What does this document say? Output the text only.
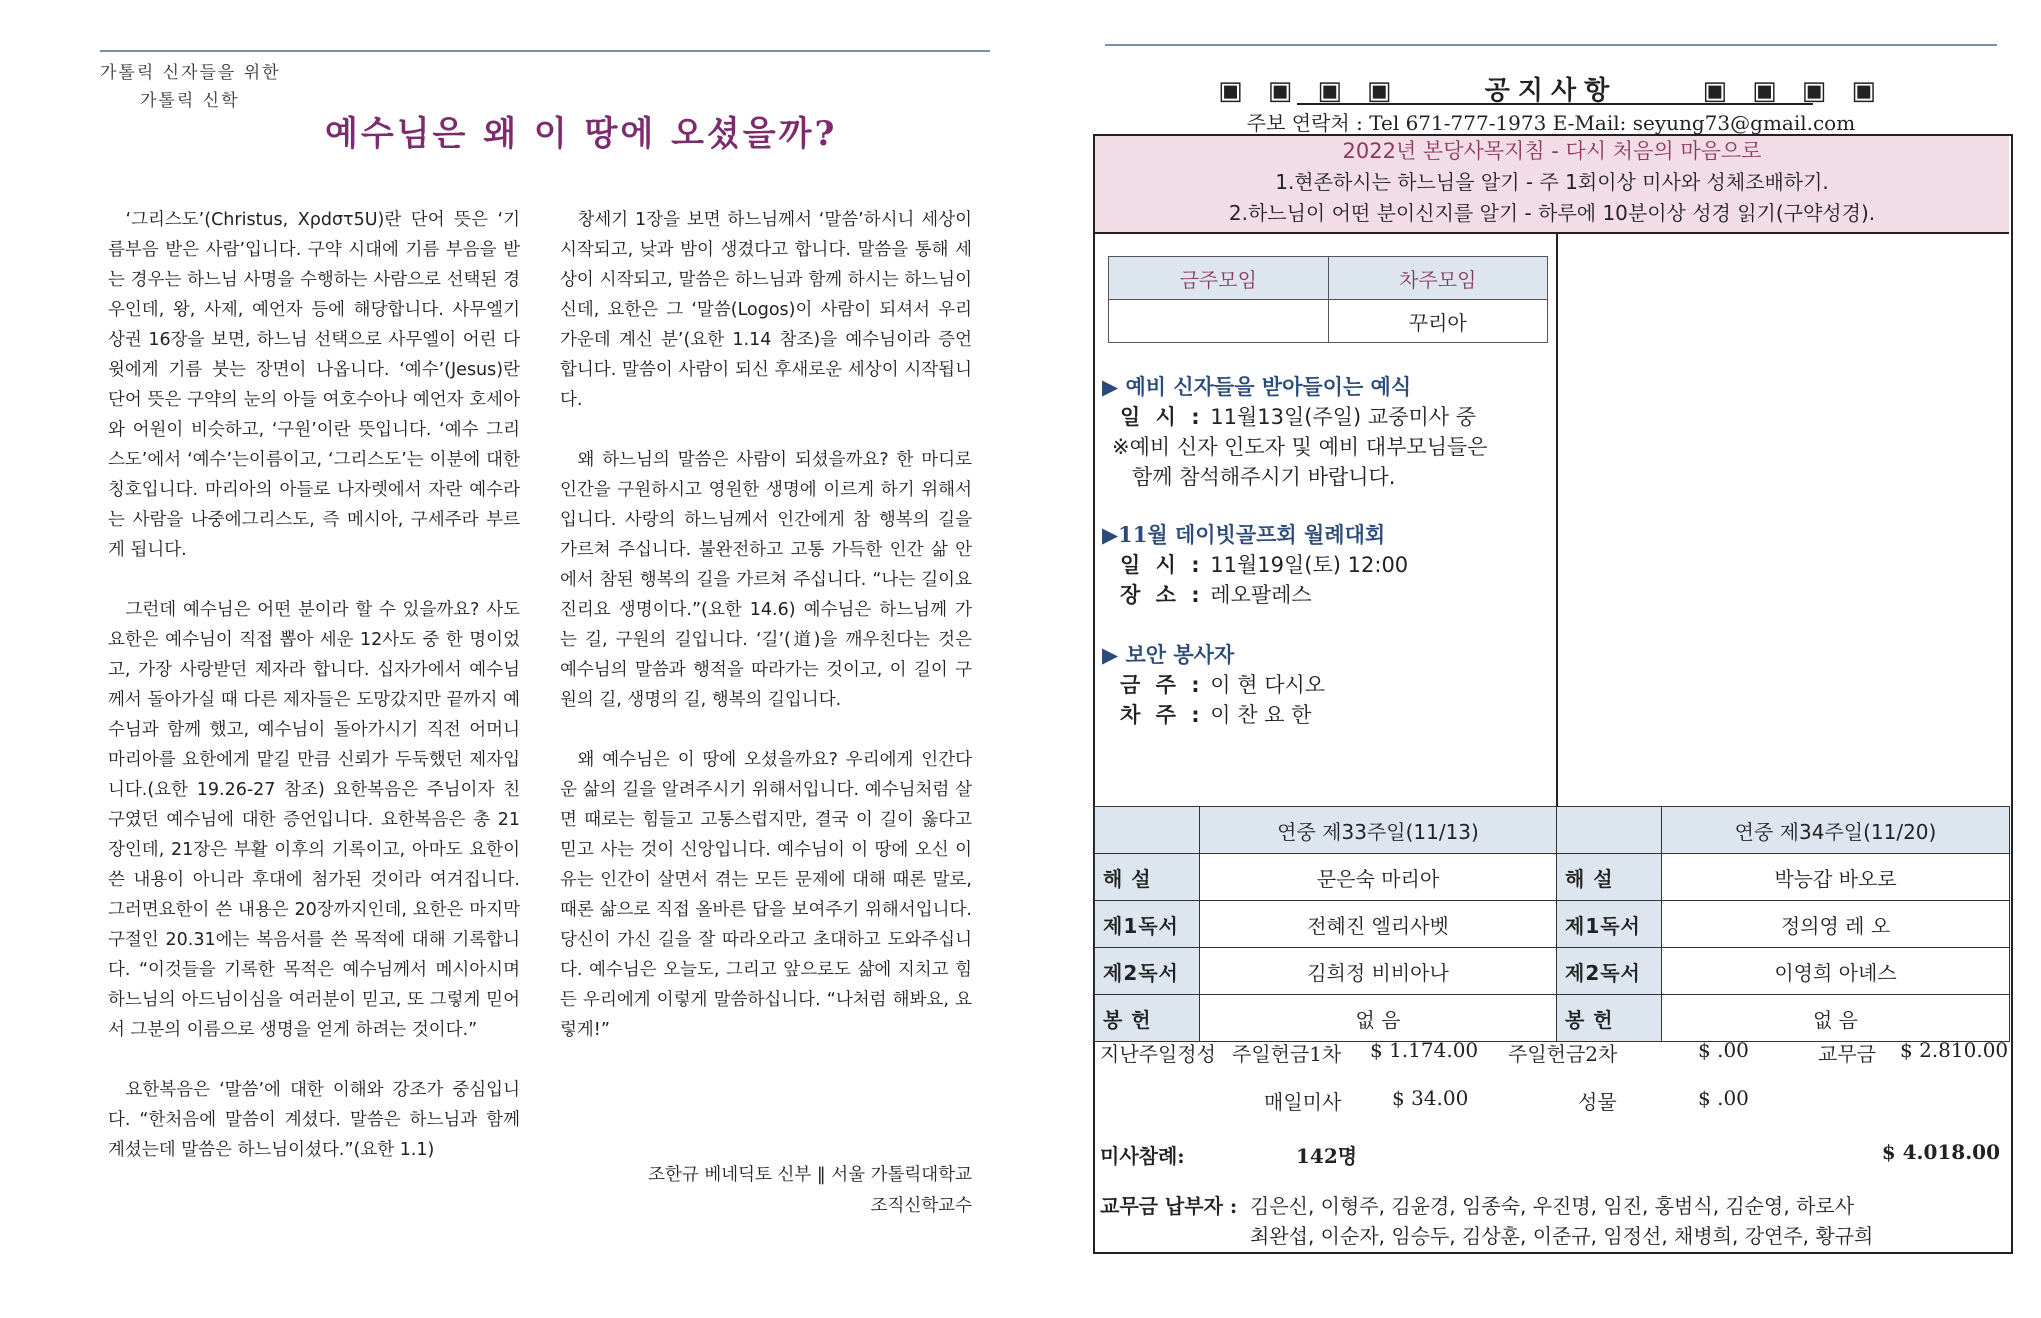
가톨릭 신자들을 위한
가톨릭 신학
예수님은 왜 이 땅에 오셨을까?

‘그리스도’(Christus, Xρdστ5U)란 단어 뜻은 ‘기름부음 받은 사람’입니다. 구약 시대에 기름 부음을 받는 경우는 하느님 사명을 수행하는 사람으로 선택된 경우인데, 왕, 사제, 예언자 등에 해당합니다. 사무엘기 상권 16장을 보면, 하느님 선택으로 사무엘이 어린 다윗에게 기름 붓는 장면이 나옵니다. ‘예수’(Jesus)란 단어 뜻은 구약의 눈의 아들 여호수아나 예언자 호세아와 어원이 비슷하고, ‘구원’이란 뜻입니다. ‘예수 그리스도’에서 ‘예수’는이름이고, ‘그리스도’는 이분에 대한 칭호입니다. 마리아의 아들로 나자렛에서 자란 예수라는 사람을 나중에그리스도, 즉 메시아, 구세주라 부르게 됩니다.

그런데 예수님은 어떤 분이라 할 수 있을까요? 사도 요한은 예수님이 직접 뽑아 세운 12사도 중 한 명이었고, 가장 사랑받던 제자라 합니다. 십자가에서 예수님께서 돌아가실 때 다른 제자들은 도망갔지만 끝까지 예수님과 함께 했고, 예수님이 돌아가시기 직전 어머니 마리아를 요한에게 맡길 만큼 신뢰가 두둑했던 제자입니다.(요한 19.26-27 참조) 요한복음은 주님이자 친구였던 예수님에 대한 증언입니다. 요한복음은 총 21장인데, 21장은 부활 이후의 기록이고, 아마도 요한이 쓴 내용이 아니라 후대에 첨가된 것이라 여겨집니다. 그러면요한이 쓴 내용은 20장까지인데, 요한은 마지막 구절인 20.31에는 복음서를 쓴 목적에 대해 기록합니다. “이것들을 기록한 목적은 예수님께서 메시아시며 하느님의 아드님이심을 여러분이 믿고, 또 그렇게 믿어서 그분의 이름으로 생명을 얻게 하려는 것이다.”

요한복음은 ‘말씀’에 대한 이해와 강조가 중심입니다. “한처음에 말씀이 계셨다. 말씀은 하느님과 함께 계셨는데 말씀은 하느님이셨다.”(요한 1.1)

창세기 1장을 보면 하느님께서 ‘말씀’하시니 세상이 시작되고, 낮과 밤이 생겼다고 합니다. 말씀을 통해 세상이 시작되고, 말씀은 하느님과 함께 하시는 하느님이신데, 요한은 그 ‘말씀(Logos)이 사람이 되셔서 우리 가운데 계신 분’(요한 1.14 참조)을 예수님이라 증언합니다. 말씀이 사람이 되신 후새로운 세상이 시작됩니다.

왜 하느님의 말씀은 사람이 되셨을까요? 한 마디로 인간을 구원하시고 영원한 생명에 이르게 하기 위해서입니다. 사랑의 하느님께서 인간에게 참 행복의 길을 가르쳐 주십니다. 불완전하고 고통 가득한 인간 삶 안에서 참된 행복의 길을 가르쳐 주십니다. “나는 길이요진리요 생명이다.”(요한 14.6) 예수님은 하느님께 가는 길, 구원의 길입니다. ‘길’(道)을 깨우친다는 것은 예수님의 말씀과 행적을 따라가는 것이고, 이 길이 구원의 길, 생명의 길, 행복의 길입니다.

왜 예수님은 이 땅에 오셨을까요? 우리에게 인간다운 삶의 길을 알려주시기 위해서입니다. 예수님처럼 살면 때로는 힘들고 고통스럽지만, 결국 이 길이 옳다고 믿고 사는 것이 신앙입니다. 예수님이 이 땅에 오신 이유는 인간이 살면서 겪는 모든 문제에 대해 때론 말로, 때론 삶으로 직접 올바른 답을 보여주기 위해서입니다. 당신이 가신 길을 잘 따라오라고 초대하고 도와주십니다. 예수님은 오늘도, 그리고 앞으로도 삶에 지치고 힘든 우리에게 이렇게 말씀하십니다. “나처럼 해봐요, 요렇게!”

조한규 베네딕토 신부 ‖ 서울 가톨릭대학교
조직신학교수
▣ ▣ ▣ ▣	공지사항	▣ ▣ ▣ ▣
주보 연락처 : Tel 671-777-1973 E-Mail: seyung73@gmail.com
2022년 본당사목지침 - 다시 처음의 마음으로
1.현존하시는 하느님을 알기 - 주 1회이상 미사와 성체조배하기.
2.하느님이 어떤 분이신지를 알기 - 하루에 10분이상 성경 읽기(구약성경).
금주모임	차주모임
	꾸리아
▶ 예비 신자들을 받아들이는 예식
일 시 : 11월13일(주일) 교중미사 중
※예비 신자 인도자 및 예비 대부모님들은
함께 참석해주시기 바랍니다.
▶11월 데이빗골프회 월례대회
일 시 : 11월19일(토) 12:00
장 소 : 레오팔레스
▶ 보안 봉사자
금 주 : 이 현 다시오
차 주 : 이 찬 요 한
	연중 제33주일(11/13)		연중 제34주일(11/20)
해 설	문은숙 마리아	해 설	박능갑 바오로
제1독서	전혜진 엘리사벳	제1독서	정의영 레 오
제2독서	김희정 비비아나	제2독서	이영희 아녜스
봉 헌	없 음	봉 헌	없 음
지난주일정성 주일헌금1차 $ 1.174.00 주일헌금2차	$ .00	교무금 $ 2.810.00
매일미사	$ 34.00	성물	$ .00
미사참례:	142명	$ 4.018.00
교무금 납부자 : 김은신, 이형주, 김윤경, 임종숙, 우진명, 임진, 홍범식, 김순영, 하로사
최완섭, 이순자, 임승두, 김상훈, 이준규, 임정선, 채병희, 강연주, 황규희
